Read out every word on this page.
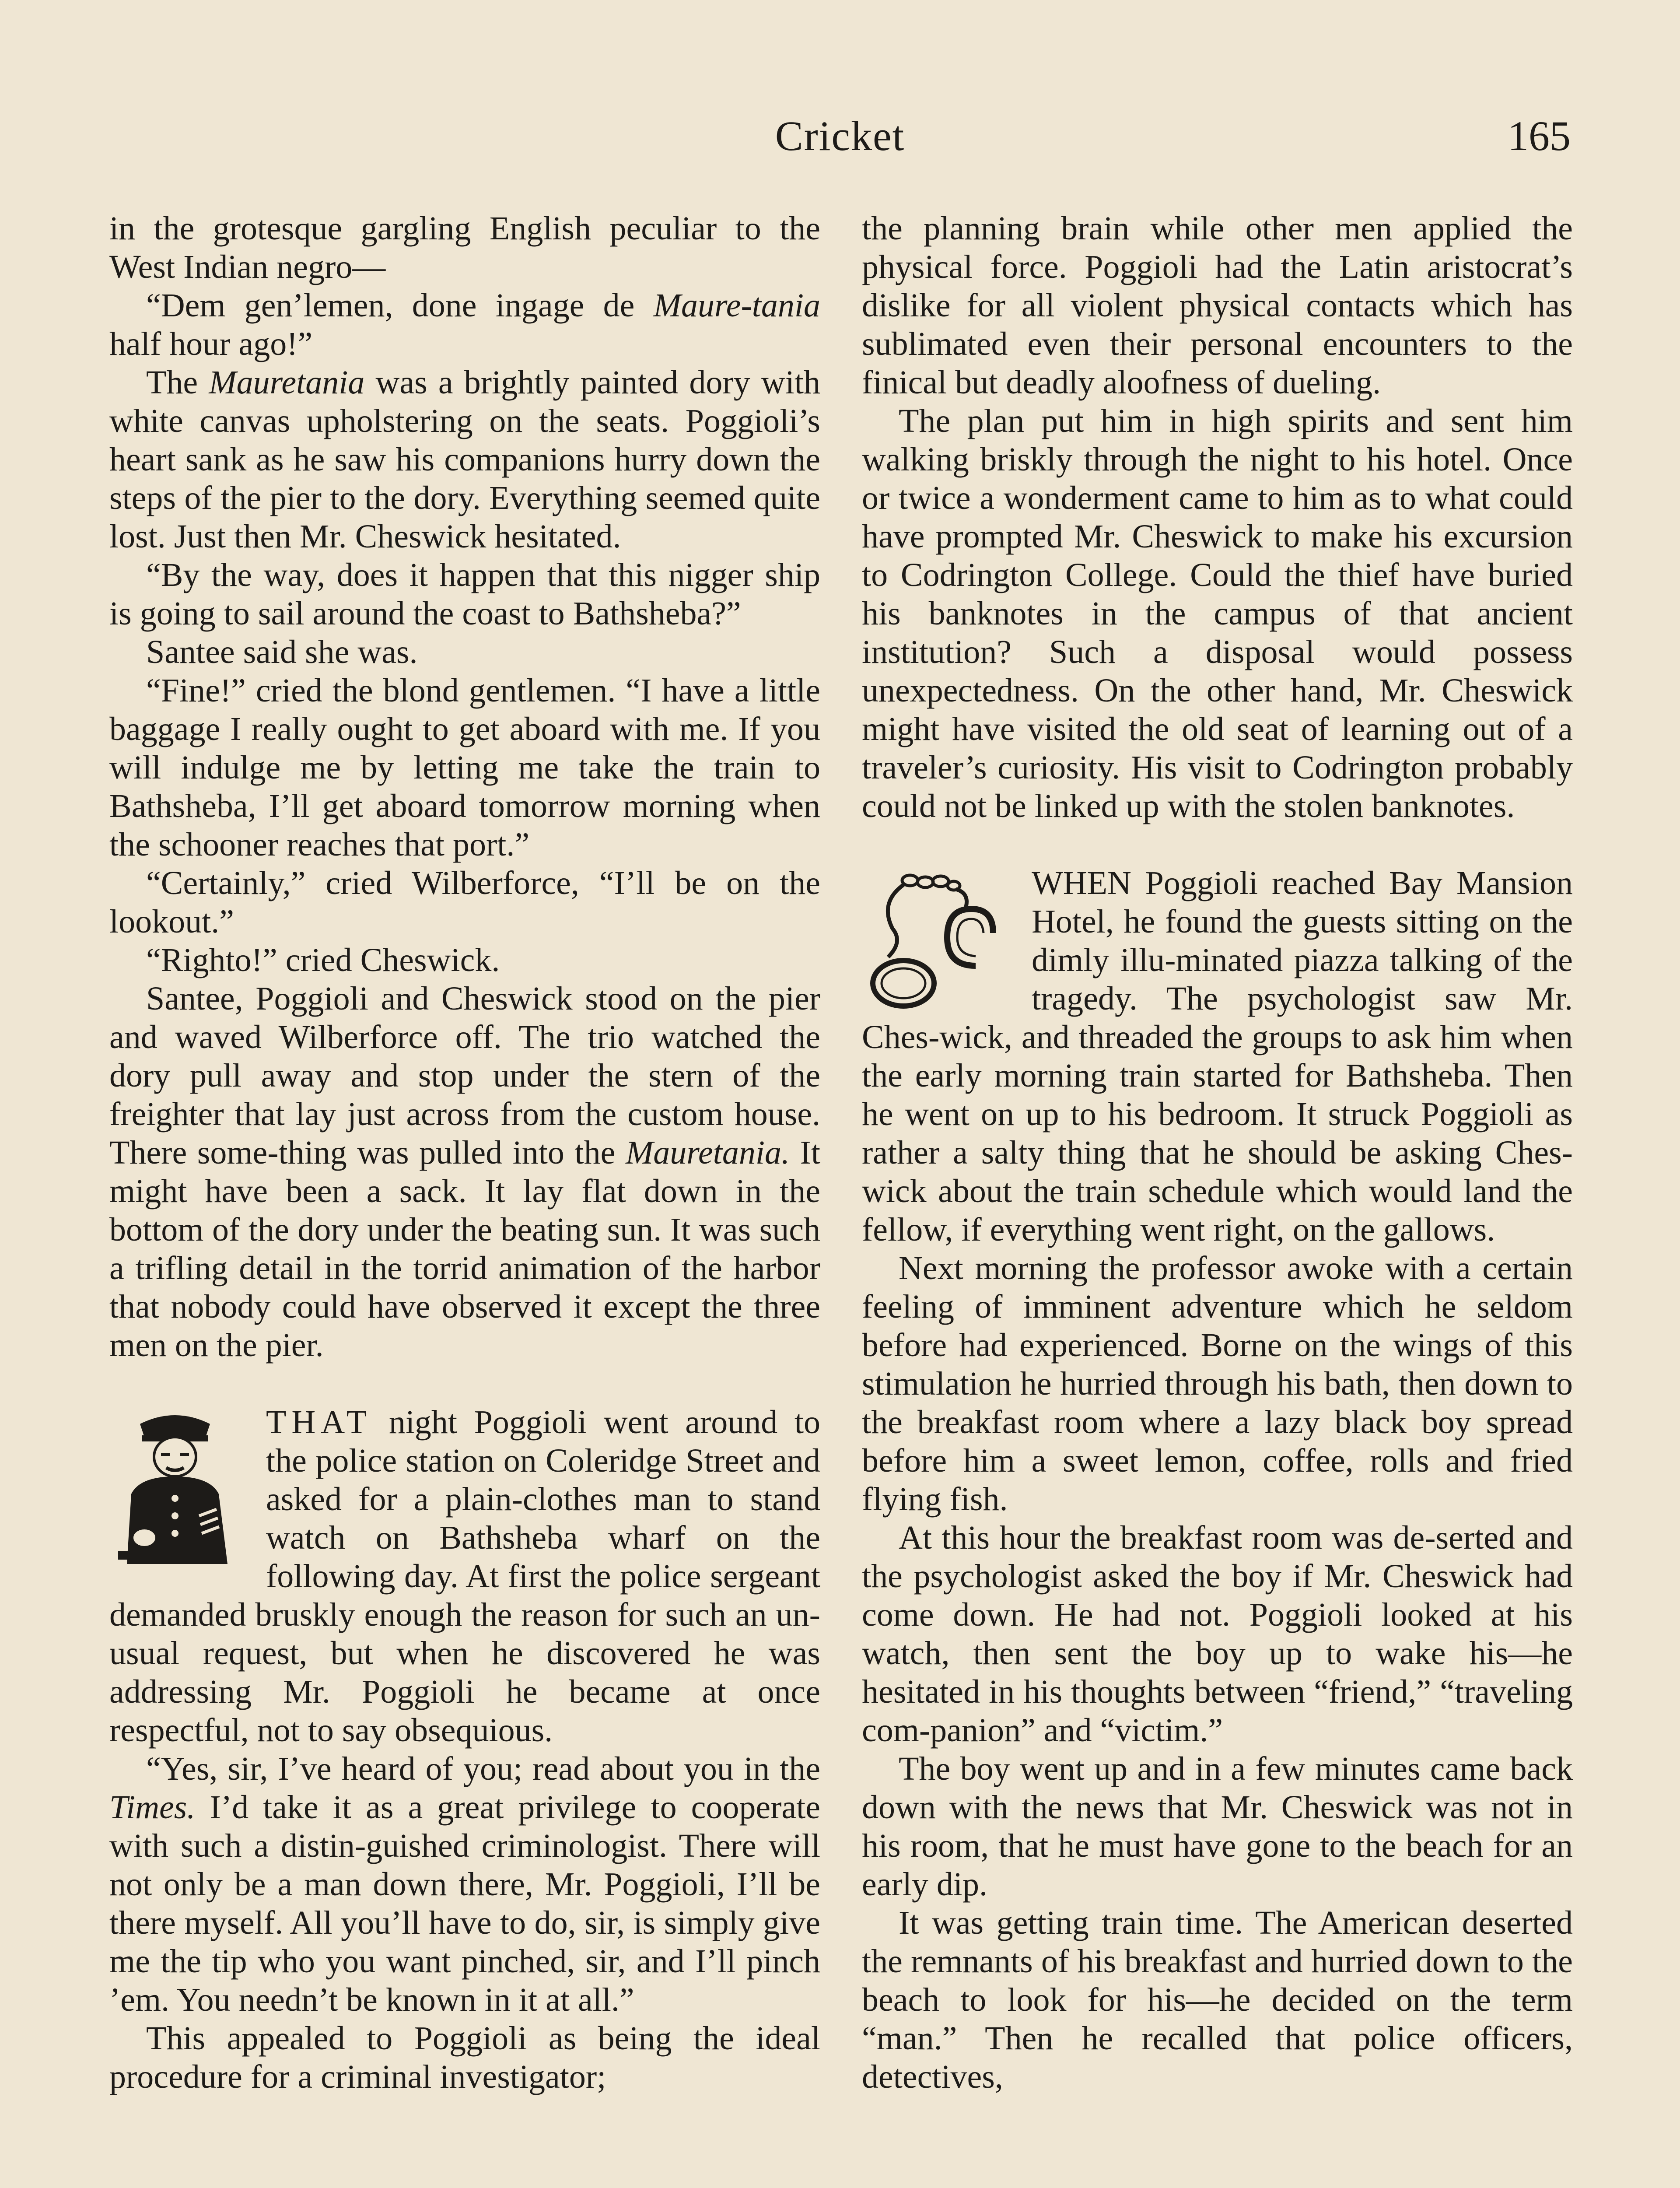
Cricket	165

in the grotesque gargling English peculiar to the West Indian negro—

“Dem gen’lemen, done ingage de Maure-tania half hour ago!”

The Mauretania was a brightly painted dory with white canvas upholstering on the seats. Poggioli’s heart sank as he saw his companions hurry down the steps of the pier to the dory. Everything seemed quite lost. Just then Mr. Cheswick hesitated.

“By the way, does it happen that this nigger ship is going to sail around the coast to Bathsheba?”

Santee said she was.

“Fine!” cried the blond gentlemen. “I have a little baggage I really ought to get aboard with me. If you will indulge me by letting me take the train to Bathsheba, I’ll get aboard tomorrow morning when the schooner reaches that port.”

“Certainly,” cried Wilberforce, “I’ll be on the lookout.”

“Righto!” cried Cheswick.

Santee, Poggioli and Cheswick stood on the pier and waved Wilberforce off. The trio watched the dory pull away and stop under the stern of the freighter that lay just across from the custom house. There some-thing was pulled into the Mauretania. It might have been a sack. It lay flat down in the bottom of the dory under the beating sun. It was such a trifling detail in the torrid animation of the harbor that nobody could have observed it except the three men on the pier.

THAT night Poggioli went around to the police station on Coleridge Street and asked for a plain-clothes man to stand watch on Bathsheba wharf on the following day. At first the police sergeant demanded bruskly enough the reason for such an un-usual request, but when he discovered he was addressing Mr. Poggioli he became at once respectful, not to say obsequious.

“Yes, sir, I’ve heard of you; read about you in the Times. I’d take it as a great privilege to cooperate with such a distin-guished criminologist. There will not only be a man down there, Mr. Poggioli, I’ll be there myself. All you’ll have to do, sir, is simply give me the tip who you want pinched, sir, and I’ll pinch ’em. You needn’t be known in it at all.”

This appealed to Poggioli as being the ideal procedure for a criminal investigator;

the planning brain while other men applied the physical force. Poggioli had the Latin aristocrat’s dislike for all violent physical contacts which has sublimated even their personal encounters to the finical but deadly aloofness of dueling.

The plan put him in high spirits and sent him walking briskly through the night to his hotel. Once or twice a wonderment came to him as to what could have prompted Mr. Cheswick to make his excursion to Codrington College. Could the thief have buried his banknotes in the campus of that ancient institution? Such a disposal would possess unexpectedness. On the other hand, Mr. Cheswick might have visited the old seat of learning out of a traveler’s curiosity. His visit to Codrington probably could not be linked up with the stolen banknotes.

WHEN Poggioli reached Bay Mansion Hotel, he found the guests sitting on the dimly illu-minated piazza talking of the tragedy. The psychologist saw Mr. Ches-wick, and threaded the groups to ask him when the early morning train started for Bathsheba. Then he went on up to his bedroom. It struck Poggioli as rather a salty thing that he should be asking Ches-wick about the train schedule which would land the fellow, if everything went right, on the gallows.

Next morning the professor awoke with a certain feeling of imminent adventure which he seldom before had experienced. Borne on the wings of this stimulation he hurried through his bath, then down to the breakfast room where a lazy black boy spread before him a sweet lemon, coffee, rolls and fried flying fish.

At this hour the breakfast room was de-serted and the psychologist asked the boy if Mr. Cheswick had come down. He had not. Poggioli looked at his watch, then sent the boy up to wake his—he hesitated in his thoughts between “friend,” “traveling com-panion” and “victim.”

The boy went up and in a few minutes came back down with the news that Mr. Cheswick was not in his room, that he must have gone to the beach for an early dip.

It was getting train time. The American deserted the remnants of his breakfast and hurried down to the beach to look for his—he decided on the term “man.” Then he recalled that police officers, detectives,
